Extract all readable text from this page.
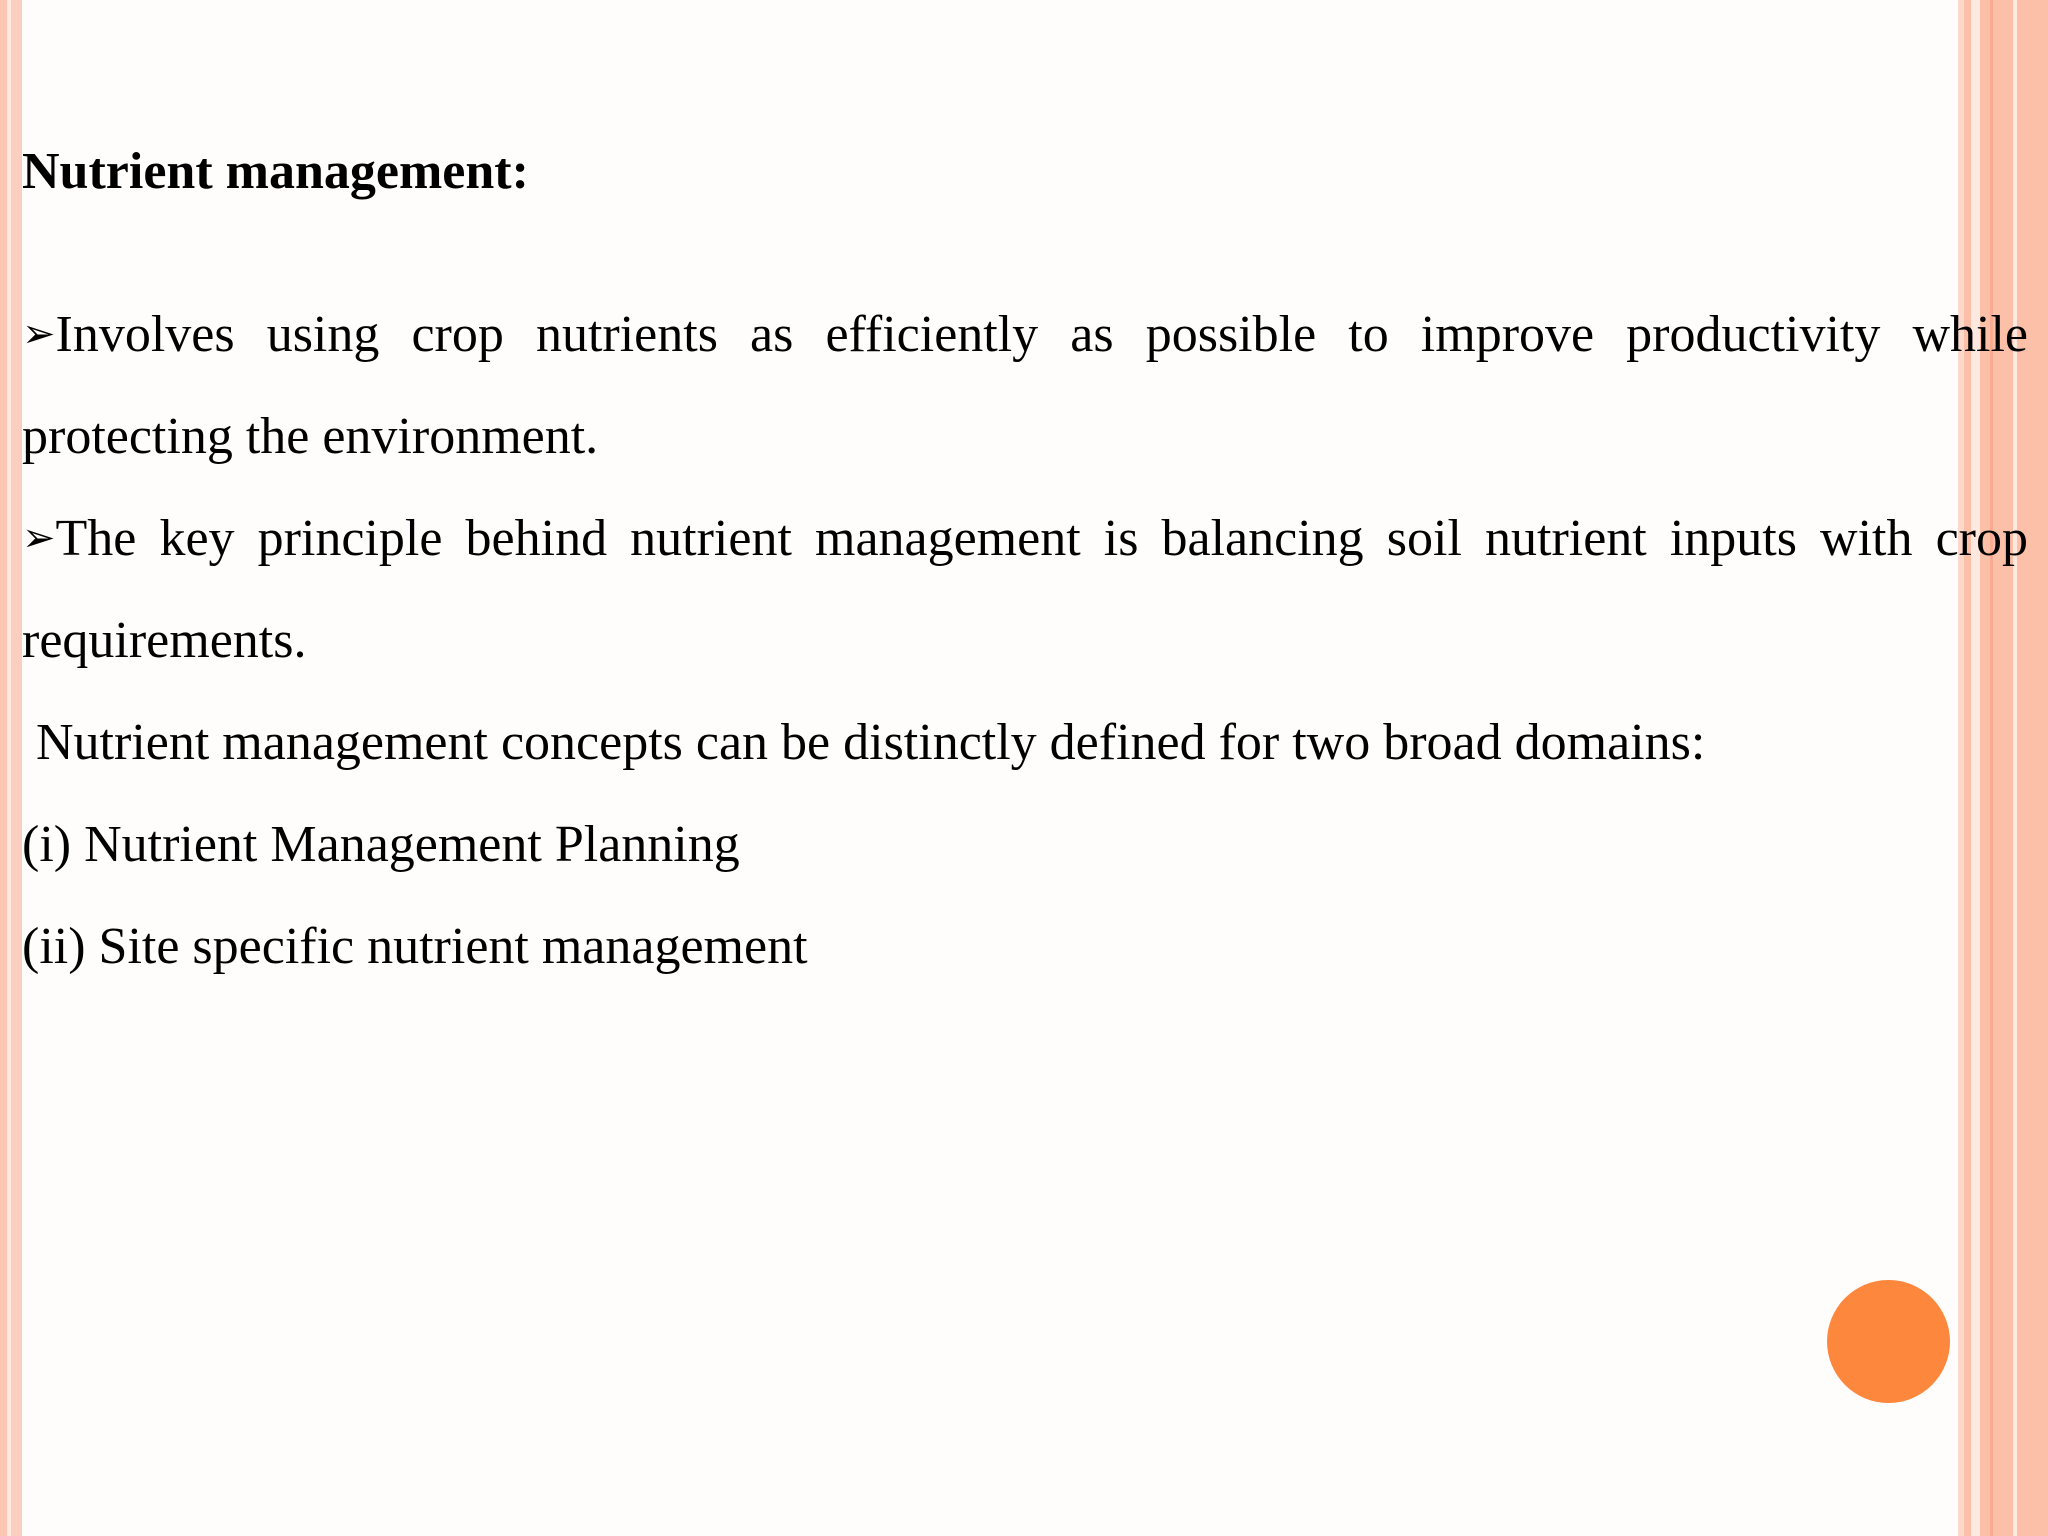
Nutrient management:
➢Involves using crop nutrients as efficiently as possible to improve productivity while protecting the environment.
➢The key principle behind nutrient management is balancing soil nutrient inputs with crop requirements.
Nutrient management concepts can be distinctly defined for two broad domains:
(i) Nutrient Management Planning
(ii) Site specific nutrient management
